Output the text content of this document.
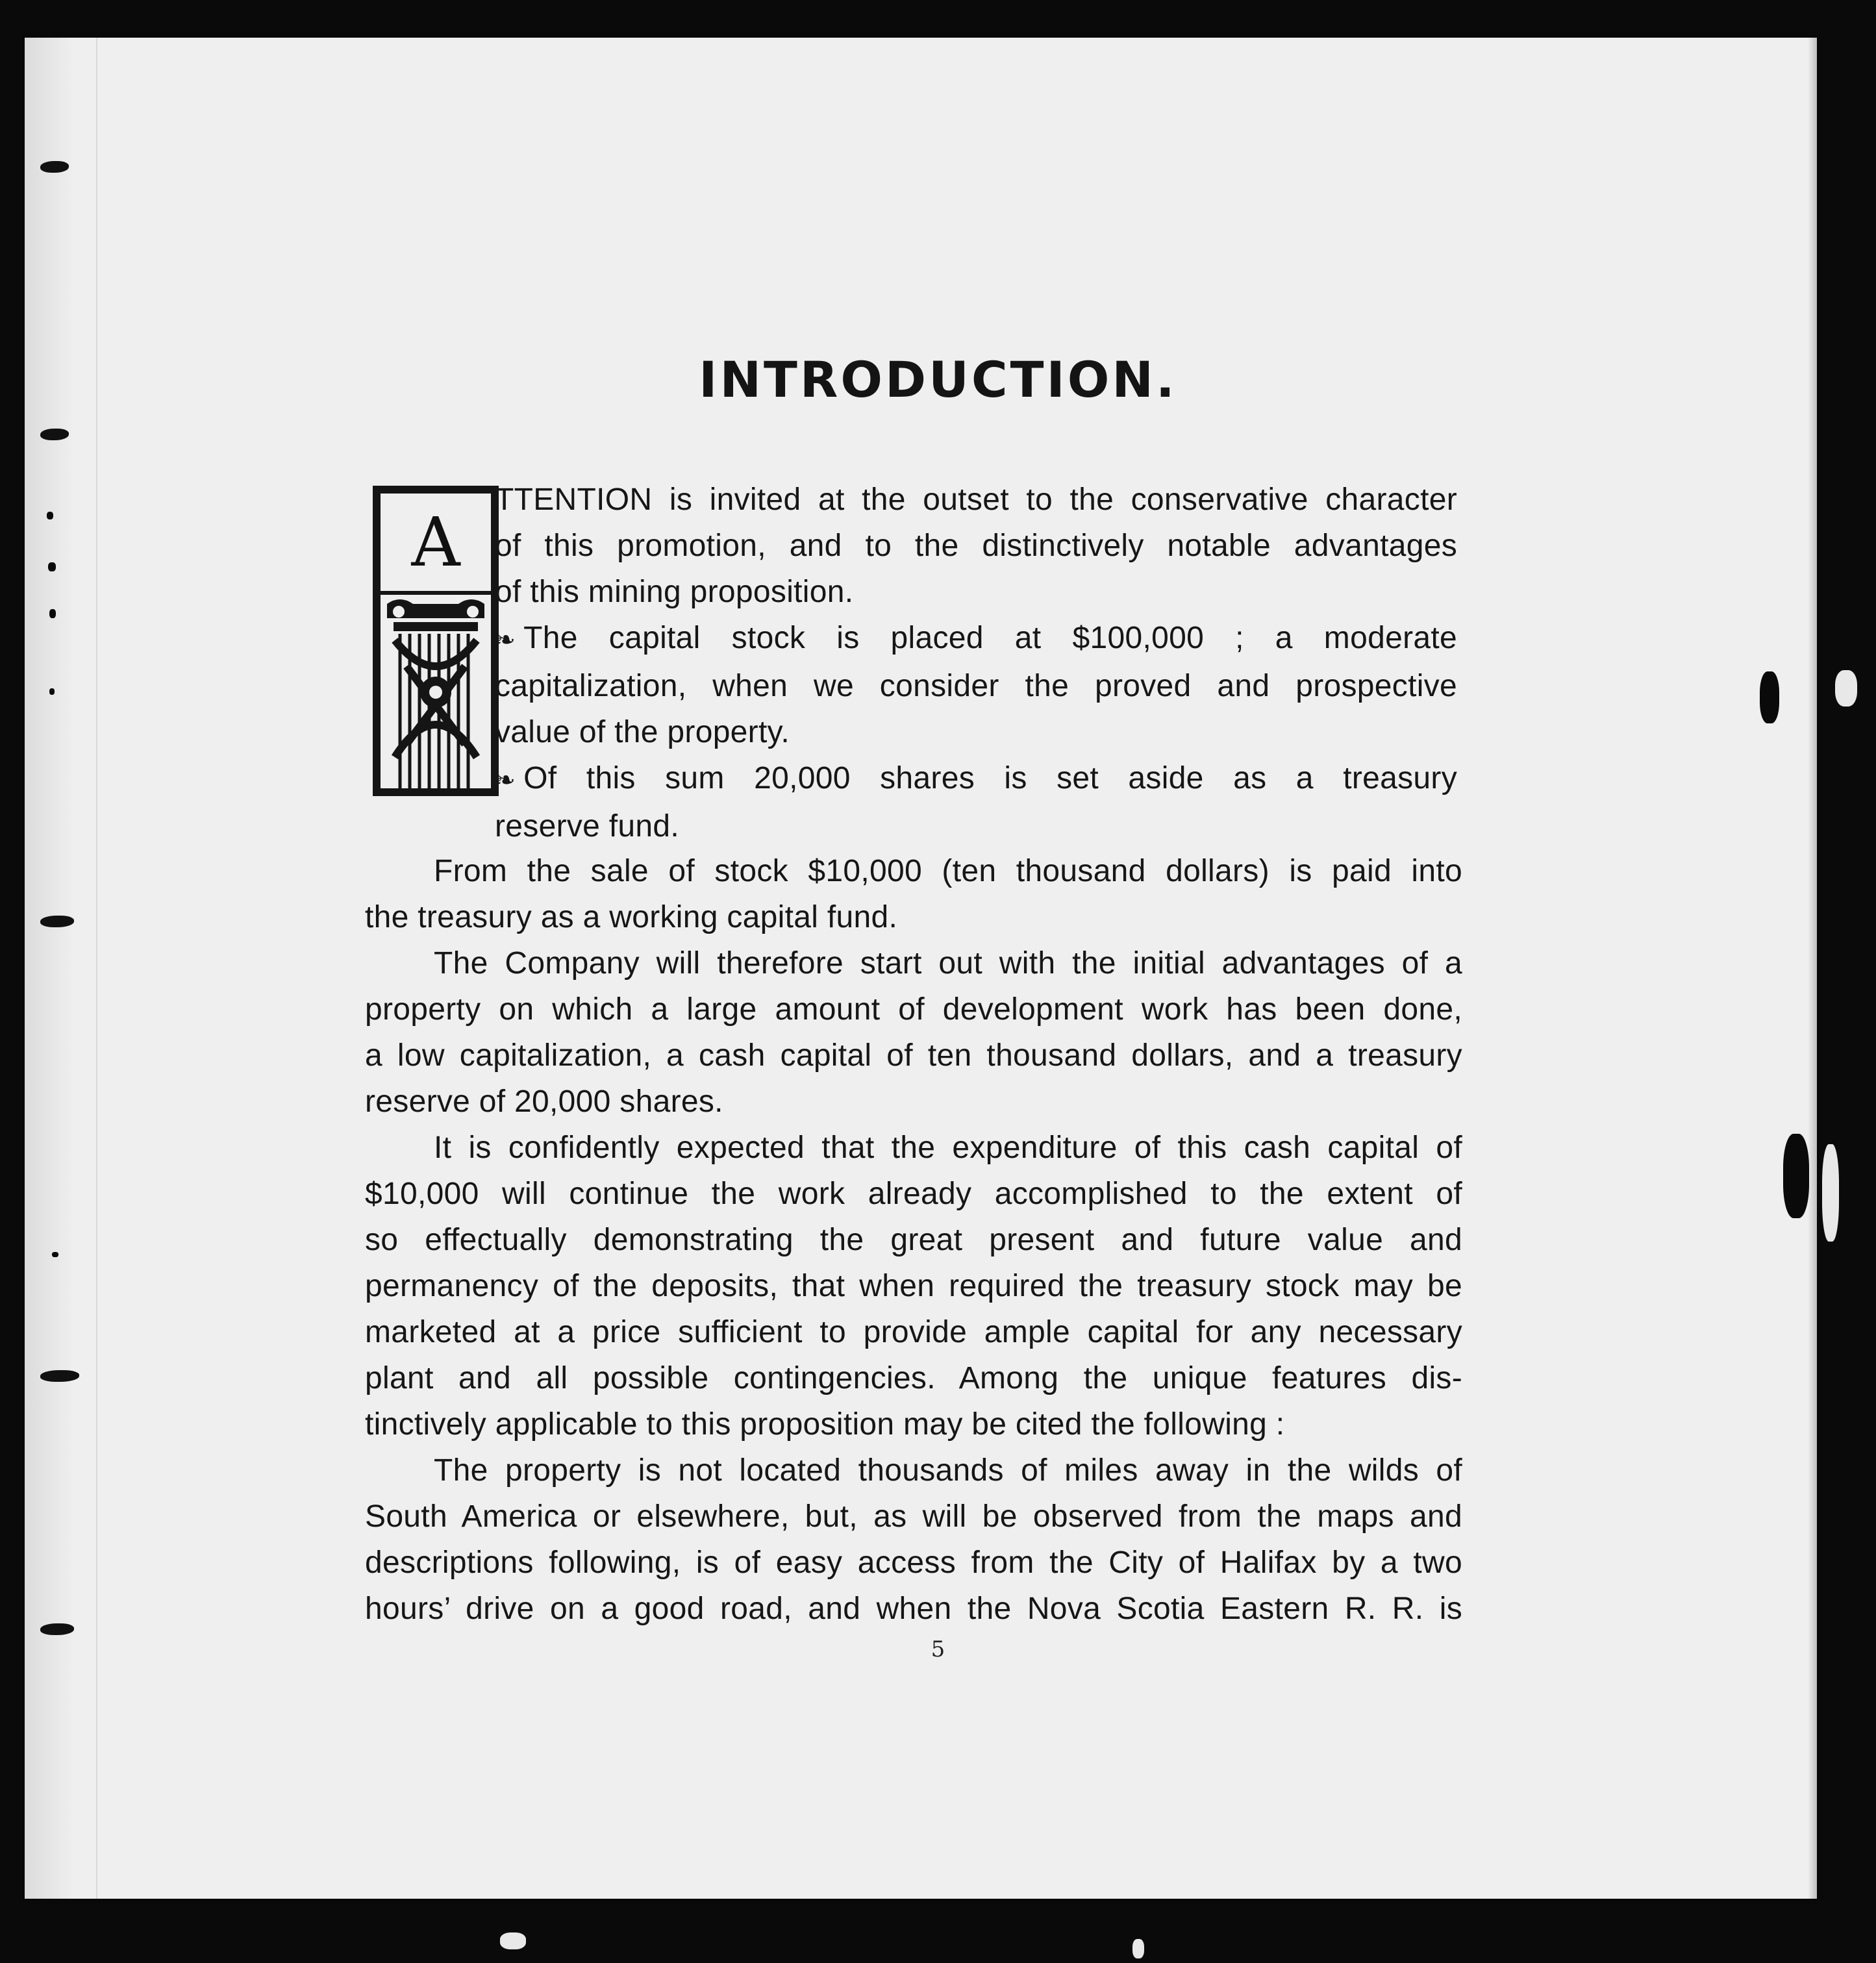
INTRODUCTION.
A
TTENTION is invited at the outset to the conservative character
of this promotion, and to the distinctively notable advantages
of this mining proposition.
❧ The capital stock is placed at $100,000 ; a moderate
capitalization, when we consider the proved and prospective
value of the property.
❧ Of this sum 20,000 shares is set aside as a treasury
reserve fund.
From the sale of stock $10,000 (ten thousand dollars) is paid into
the treasury as a working capital fund.
The Company will therefore start out with the initial advantages of a
property on which a large amount of development work has been done,
a low capitalization, a cash capital of ten thousand dollars, and a treasury
reserve of 20,000 shares.
It is confidently expected that the expenditure of this cash capital of
$10,000 will continue the work already accomplished to the extent of
so effectually demonstrating the great present and future value and
permanency of the deposits, that when required the treasury stock may be
marketed at a price sufficient to provide ample capital for any necessary
plant and all possible contingencies. Among the unique features dis-
tinctively applicable to this proposition may be cited the following :
The property is not located thousands of miles away in the wilds of
South America or elsewhere, but, as will be observed from the maps and
descriptions following, is of easy access from the City of Halifax by a two
hours’ drive on a good road, and when the Nova Scotia Eastern R. R. is
5
